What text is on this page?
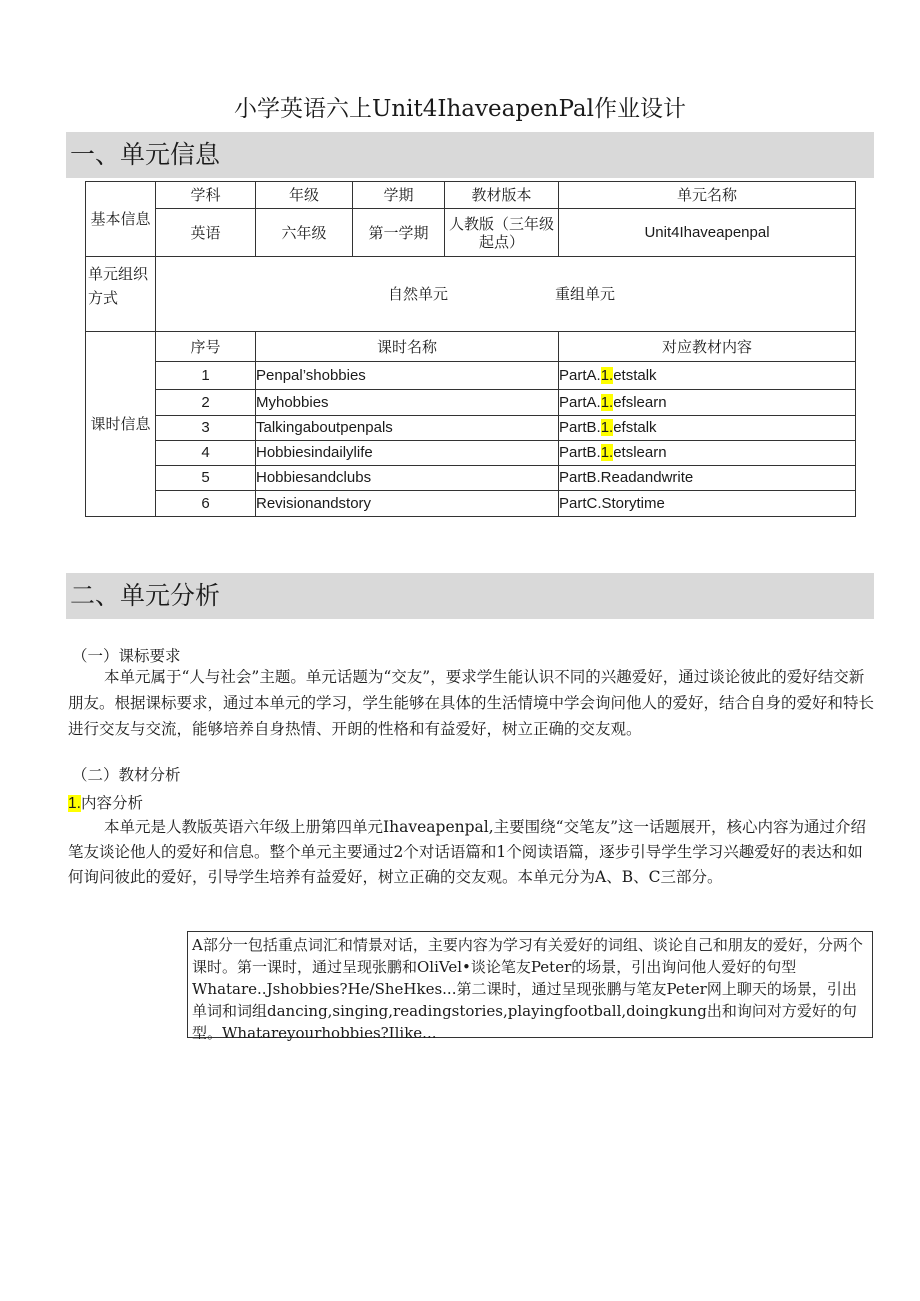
小学英语六上Unit4IhaveapenPal作业设计
一、单元信息
基本信息	学科	年级	学期	教材版本	单元名称
	英语	六年级	第一学期	人教版（三年级起点）	Unit4Ihaveapenpal
单元组织方式	自然单元 重组单元				

课时信息	序号	课时名称			对应教材内容
	1	Penpal’shobbies			PartA.1.etstalk
	2	Myhobbies			PartA.1.efslearn
	3	Talkingaboutpenpals			PartB.1.efstalk
	4	Hobbiesindailylife			PartB.1.etslearn
	5	Hobbiesandclubs			PartB.Readandwrite
	6	Revisionandstory			PartC.Storytime
二、单元分析
（一）课标要求
本单元属于“人与社会”主题。单元话题为“交友”，要求学生能认识不同的兴趣爱好，通过谈论彼此的爱好结交新朋友。根据课标要求，通过本单元的学习，学生能够在具体的生活情境中学会询问他人的爱好，结合自身的爱好和特长进行交友与交流，能够培养自身热情、开朗的性格和有益爱好，树立正确的交友观。
（二）教材分析
1.内容分析
本单元是人教版英语六年级上册第四单元Ihaveapenpal,主要围绕“交笔友”这一话题展开，核心内容为通过介绍笔友谈论他人的爱好和信息。整个单元主要通过2个对话语篇和1个阅读语篇，逐步引导学生学习兴趣爱好的表达和如何询问彼此的爱好，引导学生培养有益爱好，树立正确的交友观。本单元分为A、B、C三部分。
A部分一包括重点词汇和情景对话，主要内容为学习有关爱好的词组、谈论自己和朋友的爱好，分两个课时。第一课时，通过呈现张鹏和OliVel•谈论笔友Peter的场景，引出询问他人爱好的句型Whatare..Jshobbies?He/SheHkes...第二课时，通过呈现张鹏与笔友Peter网上聊天的场景，引出单词和词组dancing,singing,readingstories,playingfootball,doingkung出和询问对方爱好的句型。Whatareyourhobbies?Ilike...
